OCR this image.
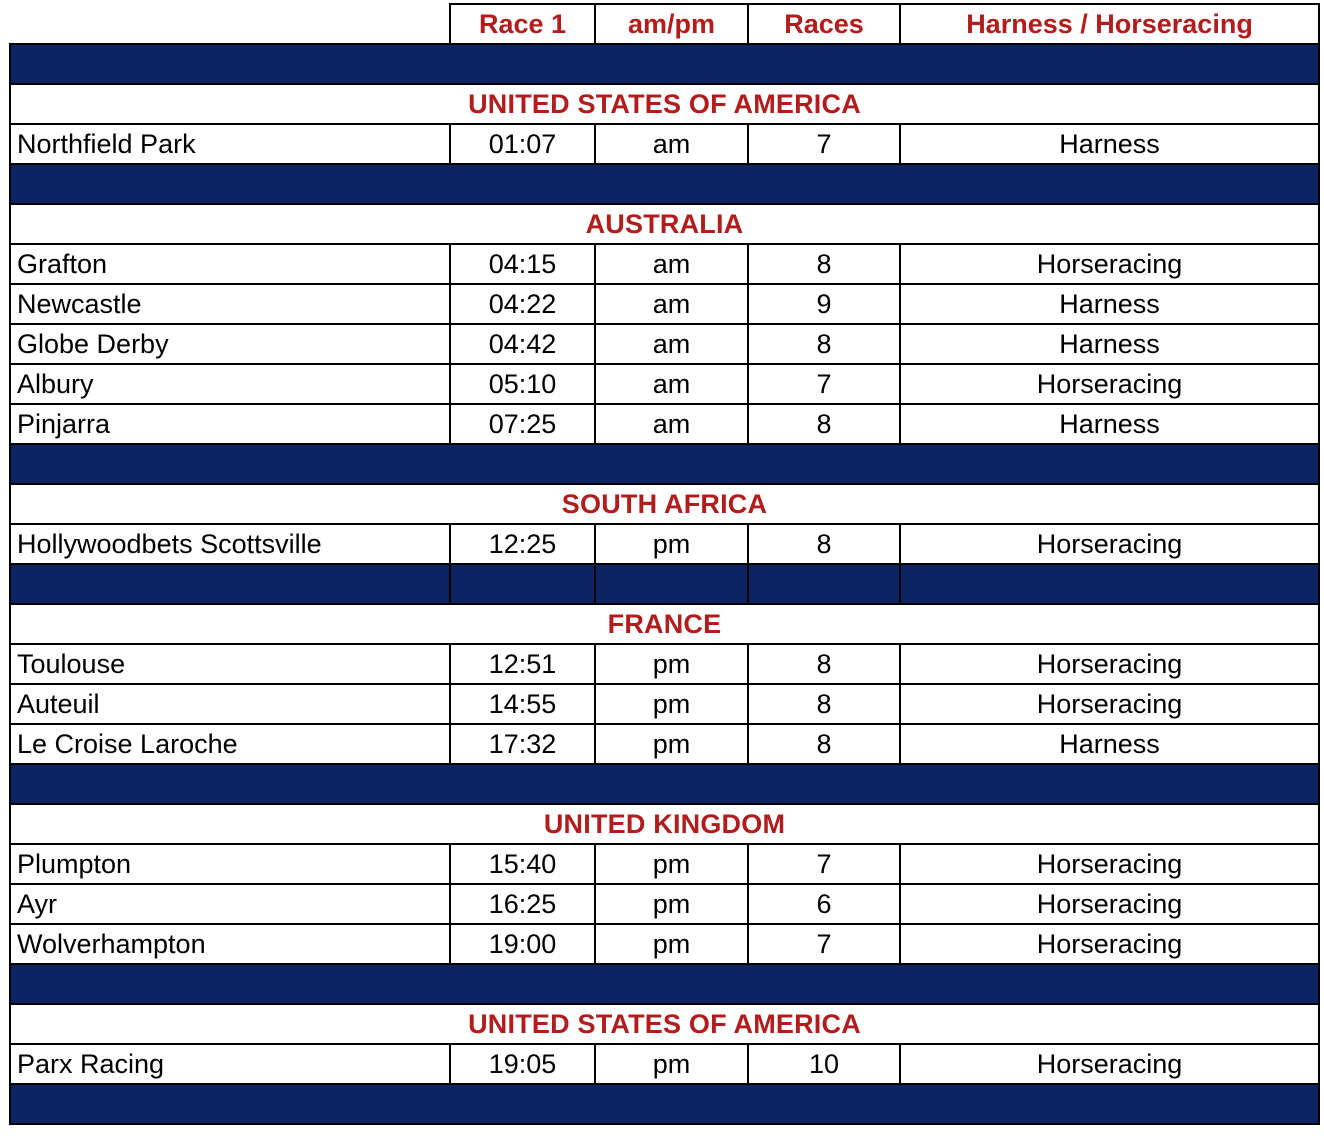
	Race 1	am/pm	Races	Harness / Horseracing

UNITED STATES OF AMERICA				
Northfield Park	01:07	am	7	Harness

AUSTRALIA				
Grafton	04:15	am	8	Horseracing
Newcastle	04:22	am	9	Harness
Globe Derby	04:42	am	8	Harness
Albury	05:10	am	7	Horseracing
Pinjarra	07:25	am	8	Harness

SOUTH AFRICA				
Hollywoodbets Scottsville	12:25	pm	8	Horseracing

FRANCE				
Toulouse	12:51	pm	8	Horseracing
Auteuil	14:55	pm	8	Horseracing
Le Croise Laroche	17:32	pm	8	Harness

UNITED KINGDOM				
Plumpton	15:40	pm	7	Horseracing
Ayr	16:25	pm	6	Horseracing
Wolverhampton	19:00	pm	7	Horseracing

UNITED STATES OF AMERICA				
Parx Racing	19:05	pm	10	Horseracing
